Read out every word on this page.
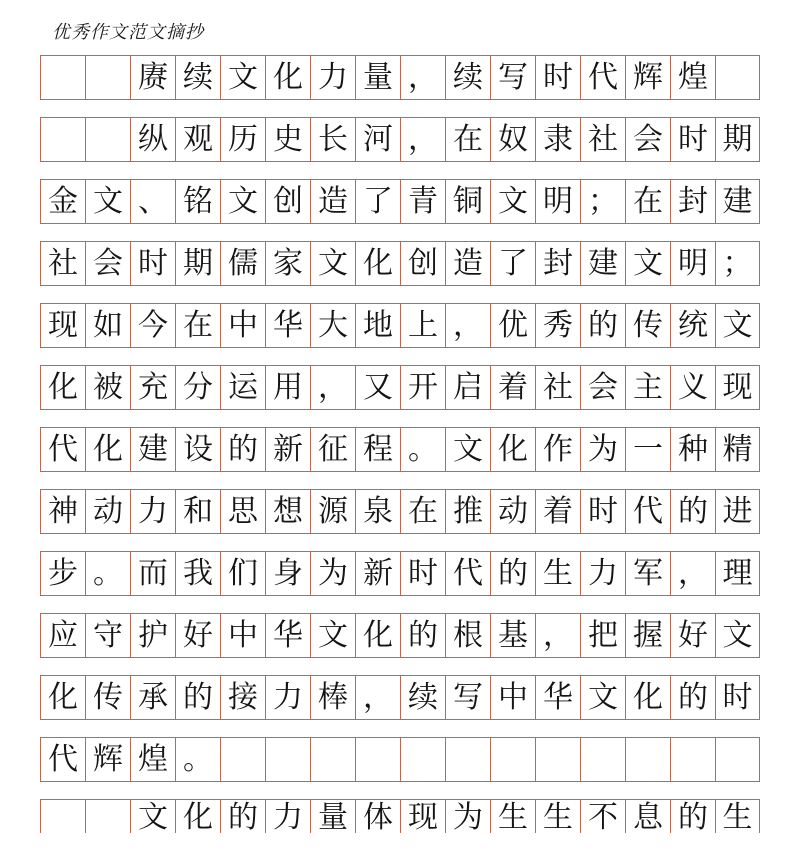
优秀作文范文摘抄
赓 续 文 化 力 量 ， 续 写 时 代 辉 煌
纵 观 历 史 长 河 ， 在 奴 隶 社 会 时 期
金 文 、 铭 文 创 造 了 青 铜 文 明 ； 在 封 建
社 会 时 期 儒 家 文 化 创 造 了 封 建 文 明 ；
现 如 今 在 中 华 大 地 上 ， 优 秀 的 传 统 文
化 被 充 分 运 用 ， 又 开 启 着 社 会 主 义 现
代 化 建 设 的 新 征 程 。 文 化 作 为 一 种 精
神 动 力 和 思 想 源 泉 在 推 动 着 时 代 的 进
步 。 而 我 们 身 为 新 时 代 的 生 力 军 ， 理
应 守 护 好 中 华 文 化 的 根 基 ， 把 握 好 文
化 传 承 的 接 力 棒 ， 续 写 中 华 文 化 的 时
代 辉 煌 。
文 化 的 力 量 体 现 为 生 生 不 息 的 生
